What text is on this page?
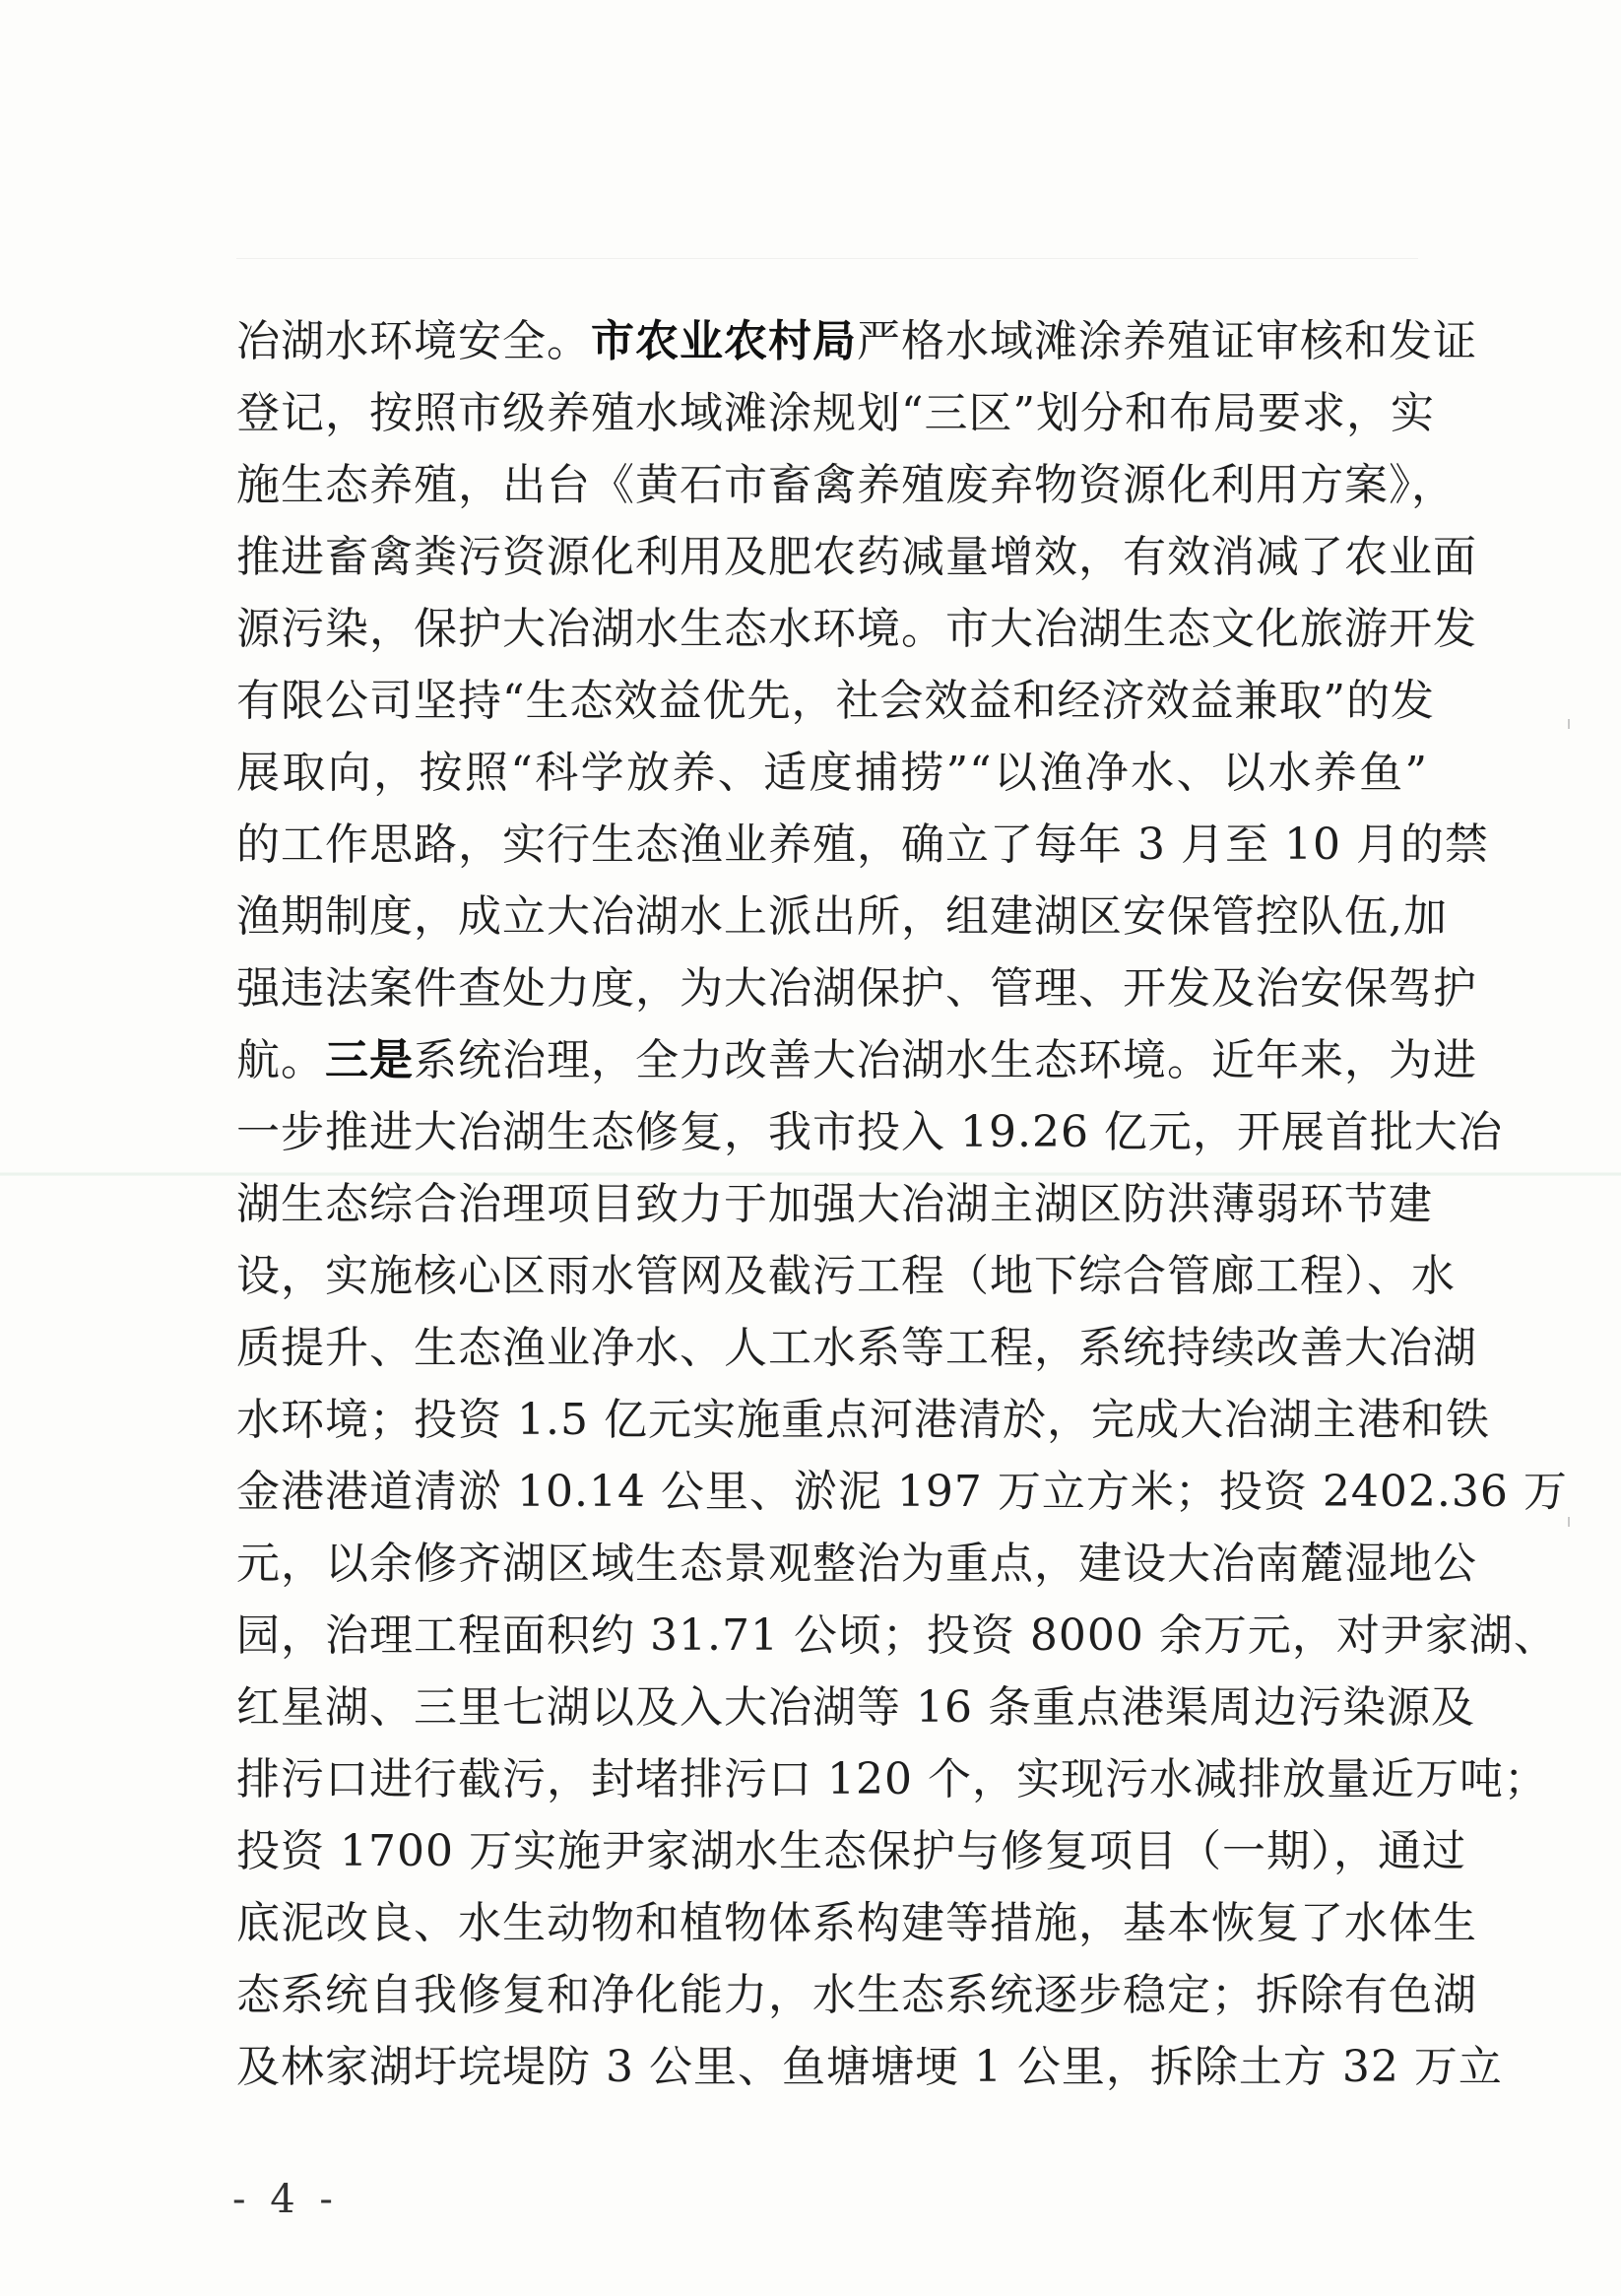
冶湖水环境安全。市农业农村局严格水域滩涂养殖证审核和发证
登记，按照市级养殖水域滩涂规划“三区”划分和布局要求，实
施生态养殖，出台《黄石市畜禽养殖废弃物资源化利用方案》，
推进畜禽粪污资源化利用及肥农药减量增效，有效消减了农业面
源污染，保护大冶湖水生态水环境。市大冶湖生态文化旅游开发
有限公司坚持“生态效益优先，社会效益和经济效益兼取”的发
展取向，按照“科学放养、适度捕捞”“以渔净水、以水养鱼”
的工作思路，实行生态渔业养殖，确立了每年 3 月至 10 月的禁
渔期制度，成立大冶湖水上派出所，组建湖区安保管控队伍,加
强违法案件查处力度，为大冶湖保护、管理、开发及治安保驾护
航。三是系统治理，全力改善大冶湖水生态环境。近年来，为进
一步推进大冶湖生态修复，我市投入 19.26 亿元，开展首批大冶
湖生态综合治理项目致力于加强大冶湖主湖区防洪薄弱环节建
设，实施核心区雨水管网及截污工程（地下综合管廊工程）、水
质提升、生态渔业净水、人工水系等工程，系统持续改善大冶湖
水环境；投资 1.5 亿元实施重点河港清於，完成大冶湖主港和铁
金港港道清淤 10.14 公里、淤泥 197 万立方米；投资 2402.36 万
元，以余修齐湖区域生态景观整治为重点，建设大冶南麓湿地公
园，治理工程面积约 31.71 公顷；投资 8000 余万元，对尹家湖、
红星湖、三里七湖以及入大冶湖等 16 条重点港渠周边污染源及
排污口进行截污，封堵排污口 120 个，实现污水减排放量近万吨；
投资 1700 万实施尹家湖水生态保护与修复项目（一期），通过
底泥改良、水生动物和植物体系构建等措施，基本恢复了水体生
态系统自我修复和净化能力，水生态系统逐步稳定；拆除有色湖
及林家湖圩垸堤防 3 公里、鱼塘塘埂 1 公里，拆除土方 32 万立
- 4 -
